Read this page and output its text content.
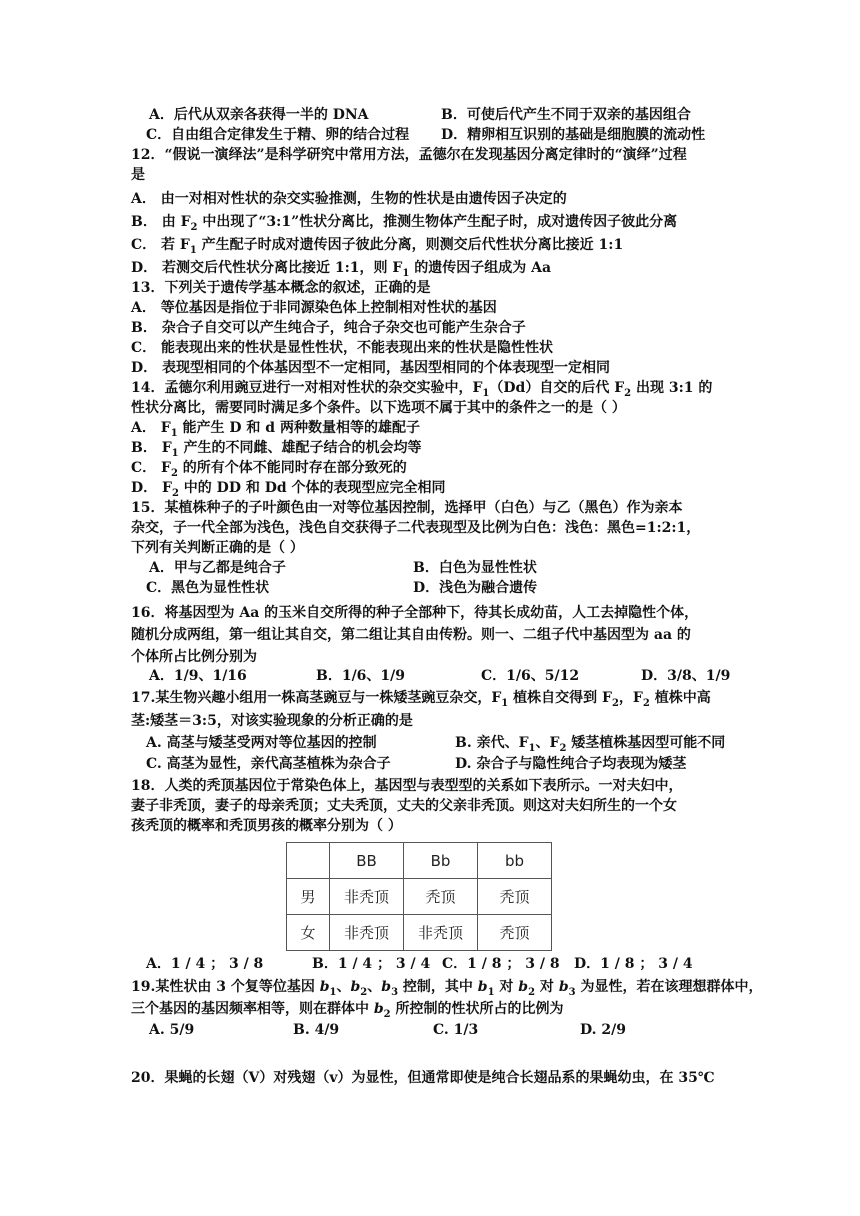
A．后代从双亲各获得一半的 DNA	B．可使后代产生不同于双亲的基因组合
C．自由组合定律发生于精、卵的结合过程	D．精卵相互识别的基础是细胞膜的流动性
12．“假说一演绎法”是科学研究中常用方法，孟德尔在发现基因分离定律时的“演绎”过程
是
A． 由一对相对性状的杂交实验推测，生物的性状是由遗传因子决定的
B． 由 $F_2$ 中出现了“3:1”性状分离比，推测生物体产生配子时，成对遗传因子彼此分离
C． 若 $F_1$ 产生配子时成对遗传因子彼此分离，则测交后代性状分离比接近 1:1
D． 若测交后代性状分离比接近 1:1，则 $F_1$ 的遗传因子组成为 Aa
13．下列关于遗传学基本概念的叙述，正确的是
A． 等位基因是指位于非同源染色体上控制相对性状的基因
B． 杂合子自交可以产生纯合子，纯合子杂交也可能产生杂合子
C． 能表现出来的性状是显性性状，不能表现出来的性状是隐性性状
D． 表现型相同的个体基因型不一定相同，基因型相同的个体表现型一定相同
14．孟德尔利用豌豆进行一对相对性状的杂交实验中，$F_1(Dd)$自交的后代 $F_2$ 出现 3:1 的
性状分离比，需要同时满足多个条件。以下选项不属于其中的条件之一的是（ ）
A． $F_1$ 能产生 D 和 d 两种数量相等的雄配子
B． $F_1$ 产生的不同雌、雄配子结合的机会均等
C． $F_2$ 的所有个体不能同时存在部分致死的
D． $F_2$ 中的 DD 和 Dd 个体的表现型应完全相同
15．某植株种子的子叶颜色由一对等位基因控制，选择甲（白色）与乙（黑色）作为亲本
杂交，子一代全部为浅色，浅色自交获得子二代表现型及比例为白色：浅色：黑色=1:2:1，
下列有关判断正确的是（ ）
A．甲与乙都是纯合子	B．白色为显性性状
C．黑色为显性性状	D．浅色为融合遗传
16．将基因型为 Aa 的玉米自交所得的种子全部种下，待其长成幼苗，人工去掉隐性个体，
随机分成两组，第一组让其自交，第二组让其自由传粉。则一、二组子代中基因型为 aa 的
个体所占比例分别为
A．1/9、1/16	B．1/6、1/9	C．1/6、5/12	D．3/8、1/9
17.某生物兴趣小组用一株高茎豌豆与一株矮茎豌豆杂交，$F_1$ 植株自交得到 $F_2$，$F_2$ 植株中高
茎:矮茎＝3:5，对该实验现象的分析正确的是
A. 高茎与矮茎受两对等位基因的控制	B. 亲代、$F_1$、$F_2$ 矮茎植株基因型可能不同
C. 高茎为显性，亲代高茎植株为杂合子	D. 杂合子与隐性纯合子均表现为矮茎
18．人类的秃顶基因位于常染色体上，基因型与表型型的关系如下表所示。一对夫妇中，
妻子非秃顶，妻子的母亲秃顶；丈夫秃顶，丈夫的父亲非秃顶。则这对夫妇所生的一个女
孩秃顶的概率和秃顶男孩的概率分别为（ ）
	BB	Bb	bb
男	非秃顶	秃顶	秃顶
女	非秃顶	非秃顶	秃顶
A．1 / 4 ； 3 / 8	B．1 / 4 ； 3 / 4 C．1 / 8 ； 3 / 8	D．1 / 8 ； 3 / 4
19.某性状由 3 个复等位基因 $b_1$、$b_2$、$b_3$ 控制，其中 $b_1$ 对 $b_2$ 对 $b_3$ 为显性，若在该理想群体中，
三个基因的基因频率相等，则在群体中 $b_2$ 所控制的性状所占的比例为
A. 5/9	B. 4/9	C. 1/3	D. 2/9
20．果蝇的长翅（V）对残翅（v）为显性，但通常即使是纯合长翅品系的果蝇幼虫，在 35℃
